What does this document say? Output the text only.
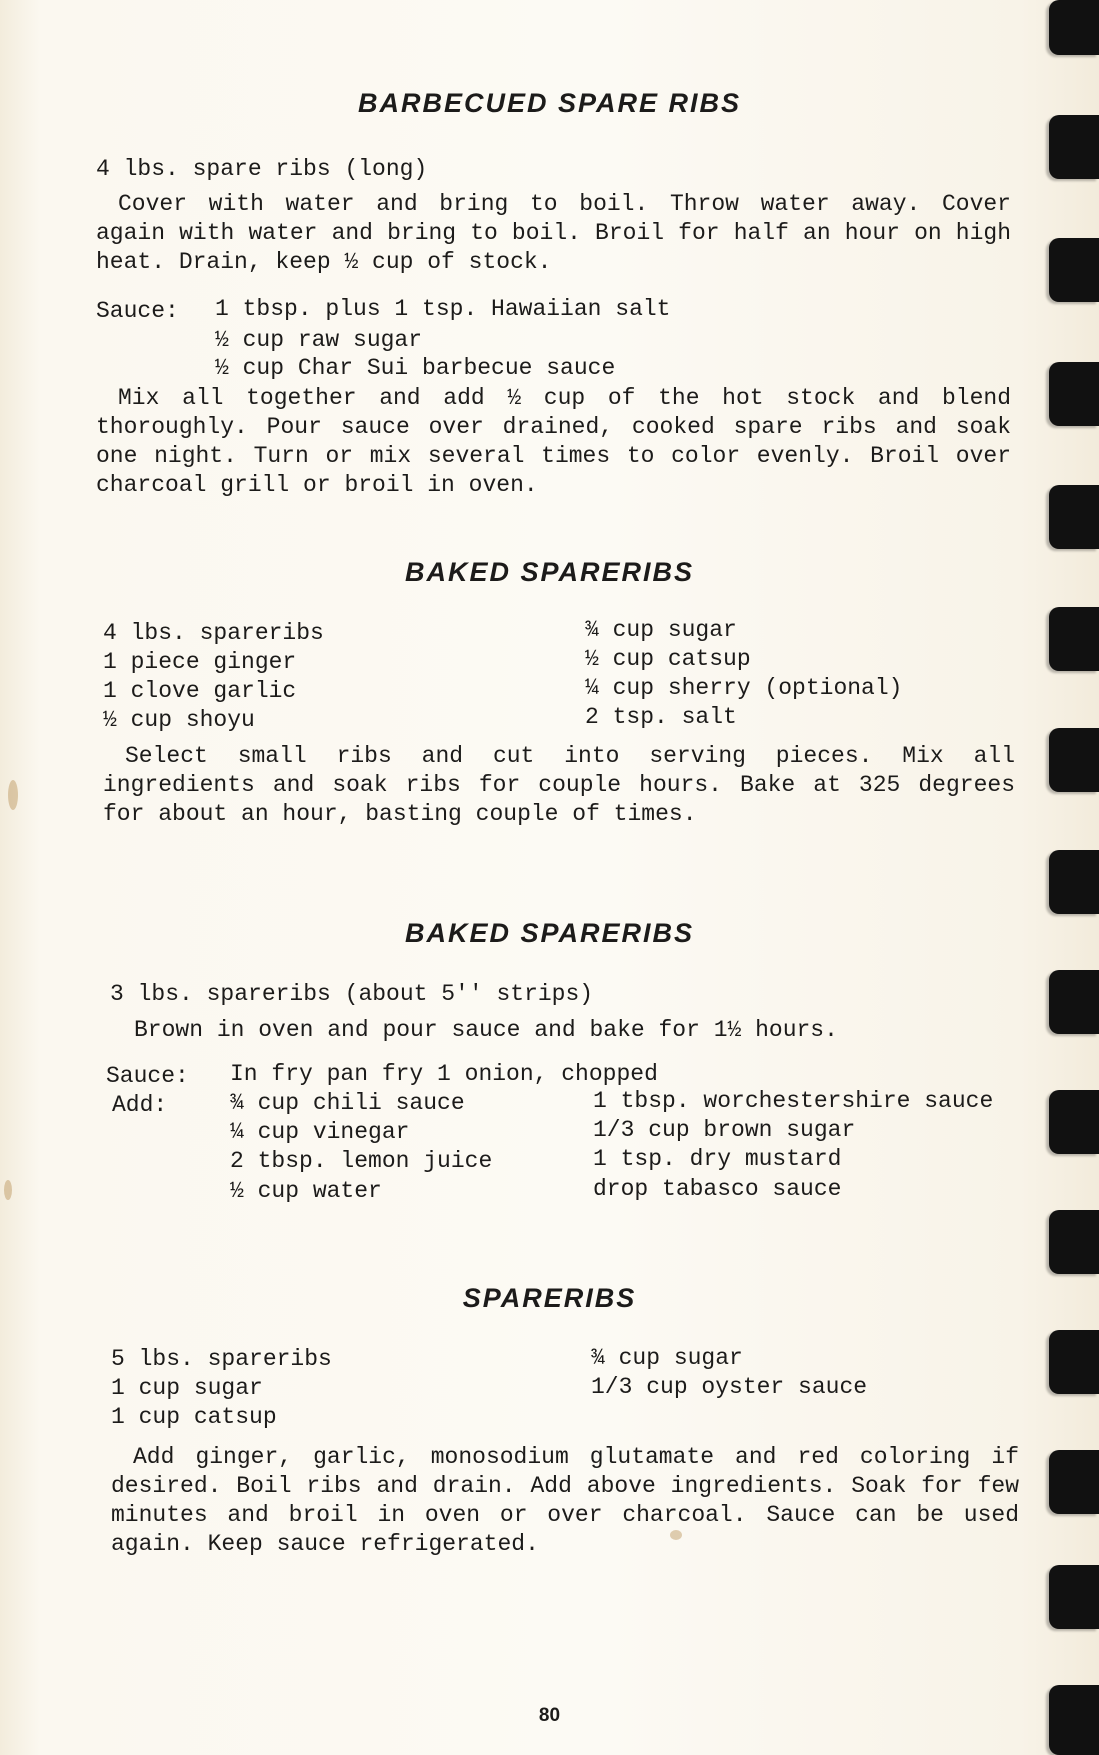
BARBECUED SPARE RIBS
4 lbs. spare ribs (long)
Cover with water and bring to boil. Throw water away. Cover again with water and bring to boil. Broil for half an hour on high heat. Drain, keep ½ cup of stock.
Sauce: 1 tbsp. plus 1 tsp. Hawaiian salt
½ cup raw sugar
½ cup Char Sui barbecue sauce
Mix all together and add ½ cup of the hot stock and blend thoroughly. Pour sauce over drained, cooked spare ribs and soak one night. Turn or mix several times to color evenly. Broil over charcoal grill or broil in oven.
BAKED SPARERIBS
4 lbs. spareribs
1 piece ginger
1 clove garlic
½ cup shoyu
¾ cup sugar
½ cup catsup
¼ cup sherry (optional)
2 tsp. salt
Select small ribs and cut into serving pieces. Mix all ingredients and soak ribs for couple hours. Bake at 325 degrees for about an hour, basting couple of times.
BAKED SPARERIBS
3 lbs. spareribs (about 5'' strips)
Brown in oven and pour sauce and bake for 1½ hours.
Sauce: In fry pan fry 1 onion, chopped
Add:	¾ cup chili sauce
¼ cup vinegar
2 tbsp. lemon juice
½ cup water
1 tbsp. worchestershire sauce
1/3 cup brown sugar
1 tsp. dry mustard
drop tabasco sauce
SPARERIBS
5 lbs. spareribs
1 cup sugar
1 cup catsup
¾ cup sugar
1/3 cup oyster sauce
Add ginger, garlic, monosodium glutamate and red coloring if desired. Boil ribs and drain. Add above ingredients. Soak for few minutes and broil in oven or over charcoal. Sauce can be used again. Keep sauce refrigerated.
80
